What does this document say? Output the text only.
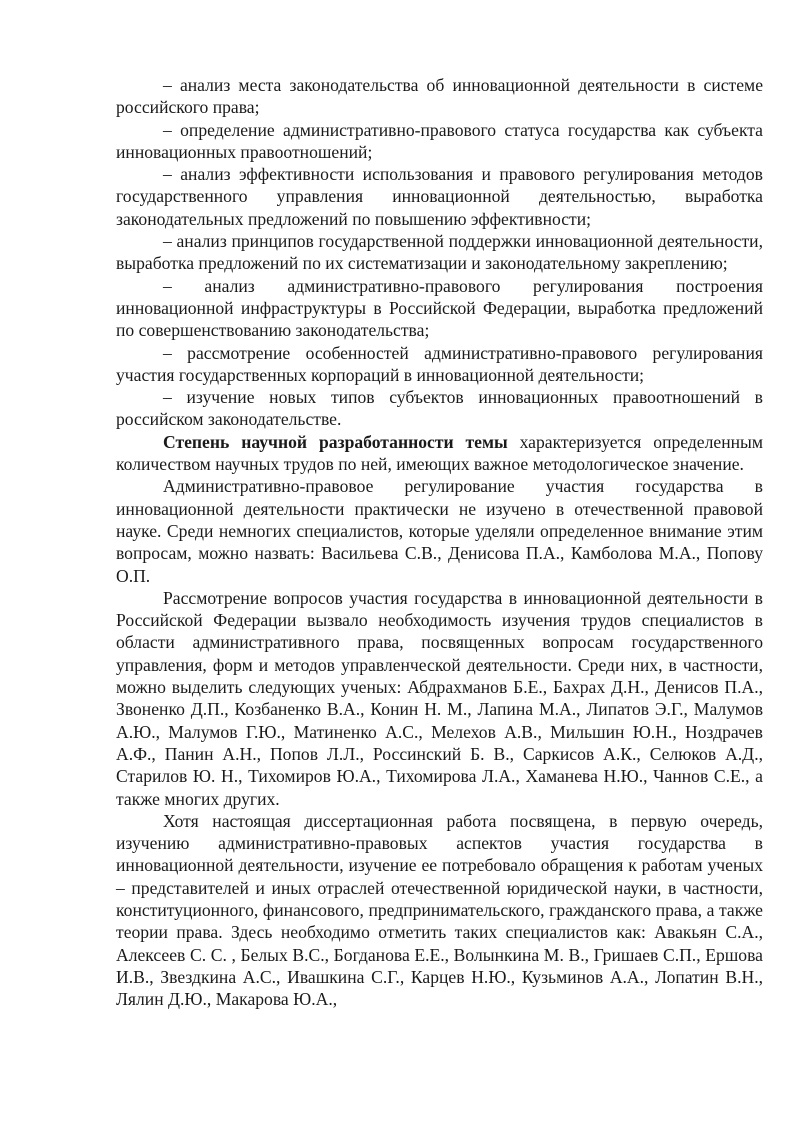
– анализ места законодательства об инновационной деятельности в системе российского права;

– определение административно-правового статуса государства как субъекта инновационных правоотношений;

– анализ эффективности использования и правового регулирования методов государственного управления инновационной деятельностью, выработка законодательных предложений по повышению эффективности;

– анализ принципов государственной поддержки инновационной деятельности, выработка предложений по их систематизации и законодательному закреплению;

– анализ административно-правового регулирования построения инновационной инфраструктуры в Российской Федерации, выработка предложений по совершенствованию законодательства;

– рассмотрение особенностей административно-правового регулирования участия государственных корпораций в инновационной деятельности;

– изучение новых типов субъектов инновационных правоотношений в российском законодательстве.

Степень научной разработанности темы характеризуется определенным количеством научных трудов по ней, имеющих важное методологическое значение.

Административно-правовое регулирование участия государства в инновационной деятельности практически не изучено в отечественной правовой науке. Среди немногих специалистов, которые уделяли определенное внимание этим вопросам, можно назвать: Васильева С.В., Денисова П.А., Камболова М.А., Попову О.П.

Рассмотрение вопросов участия государства в инновационной деятельности в Российской Федерации вызвало необходимость изучения трудов специалистов в области административного права, посвященных вопросам государственного управления, форм и методов управленческой деятельности. Среди них, в частности, можно выделить следующих ученых: Абдрахманов Б.Е., Бахрах Д.Н., Денисов П.А., Звоненко Д.П., Козбаненко В.А., Конин Н. М., Лапина М.А., Липатов Э.Г., Малумов А.Ю., Малумов Г.Ю., Матиненко А.С., Мелехов А.В., Мильшин Ю.Н., Ноздрачев А.Ф., Панин А.Н., Попов Л.Л., Россинский Б. В., Саркисов А.К., Селюков А.Д., Старилов Ю. Н., Тихомиров Ю.А., Тихомирова Л.А., Хаманева Н.Ю., Чаннов С.Е., а также многих других.

Хотя настоящая диссертационная работа посвящена, в первую очередь, изучению административно-правовых аспектов участия государства в инновационной деятельности, изучение ее потребовало обращения к работам ученых – представителей и иных отраслей отечественной юридической науки, в частности, конституционного, финансового, предпринимательского, гражданского права, а также теории права. Здесь необходимо отметить таких специалистов как: Авакьян С.А., Алексеев С. С. , Белых В.С., Богданова Е.Е., Волынкина М. В., Гришаев С.П., Ершова И.В., Звездкина А.С., Ивашкина С.Г., Карцев Н.Ю., Кузьминов А.А., Лопатин В.Н., Лялин Д.Ю., Макарова Ю.А.,
